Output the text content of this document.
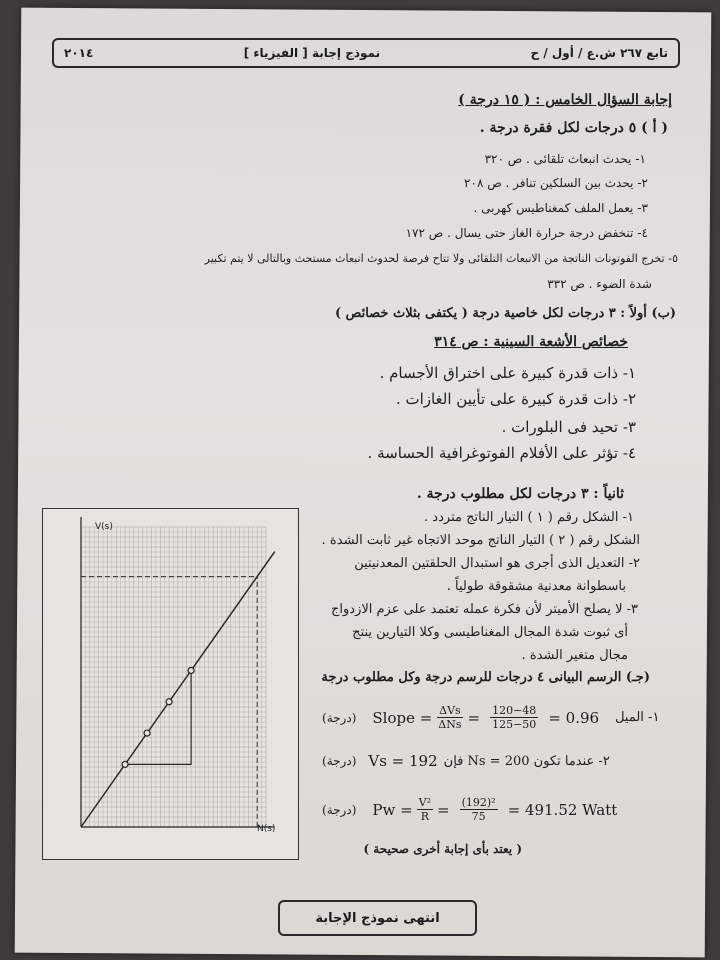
تابع ٢٦٧ ش.ع / أول / ح
نموذج إجابة [ الفيزياء ]
٢٠١٤
إجابة السؤال الخامس : ( ١٥ درجة )
( أ ) ٥ درجات لكل فقرة درجة .
١- يحدث انبعاث تلقائى . ص ٣٢٠
٢- يحدث بين السلكين تنافر . ص ٢٠٨
٣- يعمل الملف كمغناطيس كهربى .
٤- تنخفض درجة حرارة الغاز حتى يسال . ص ١٧٢
٥- تخرج الفوتونات الناتجة من الانبعاث التلقائى ولا تتاح فرصة لحدوث انبعاث مستحث وبالتالى لا يتم تكبير
شدة الضوء . ص ٣٣٢
(ب) أولاً : ٣ درجات لكل خاصية درجة ( يكتفى بثلاث خصائص )
خصائص الأشعة السينية : ص ٣١٤
١- ذات قدرة كبيرة على اختراق الأجسام .
٢- ذات قدرة كبيرة على تأيين الغازات .
٣- تحيد فى البلورات .
٤- تؤثر على الأفلام الفوتوغرافية الحساسة .
ثانياً : ٣ درجات لكل مطلوب درجة .
١- الشكل رقم ( ١ ) التيار الناتج متردد .
الشكل رقم ( ٢ ) التيار الناتج موحد الاتجاه غير ثابت الشدة .
٢- التعديل الذى أجرى هو استبدال الحلقتين المعدنيتين
باسطوانة معدنية مشقوقة طولياً .
٣- لا يصلح الأميتر لأن فكرة عمله تعتمد على عزم الازدواج
أى ثبوت شدة المجال المغناطيسى وكلا التيارين ينتج
مجال متغير الشدة .
(جـ) الرسم البيانى ٤ درجات للرسم درجة وكل مطلوب درجة
(درجة) Slope = $\frac{\text{ΔVs}}{\text{ΔNs}} = \frac{120-48}{125-50} = 0.96$ ١- الميل
(درجة) Vs = 192 ٢- عندما تكون Ns = 200 فإن
(درجة) $Pw = \frac{\text{V²}}{R} = \frac{\text{(192)²}}{75} = 491.52$ Watt
( يعتد بأى إجابة أخرى صحيحة )
V(s)
N(s)
انتهى نموذج الإجابة
